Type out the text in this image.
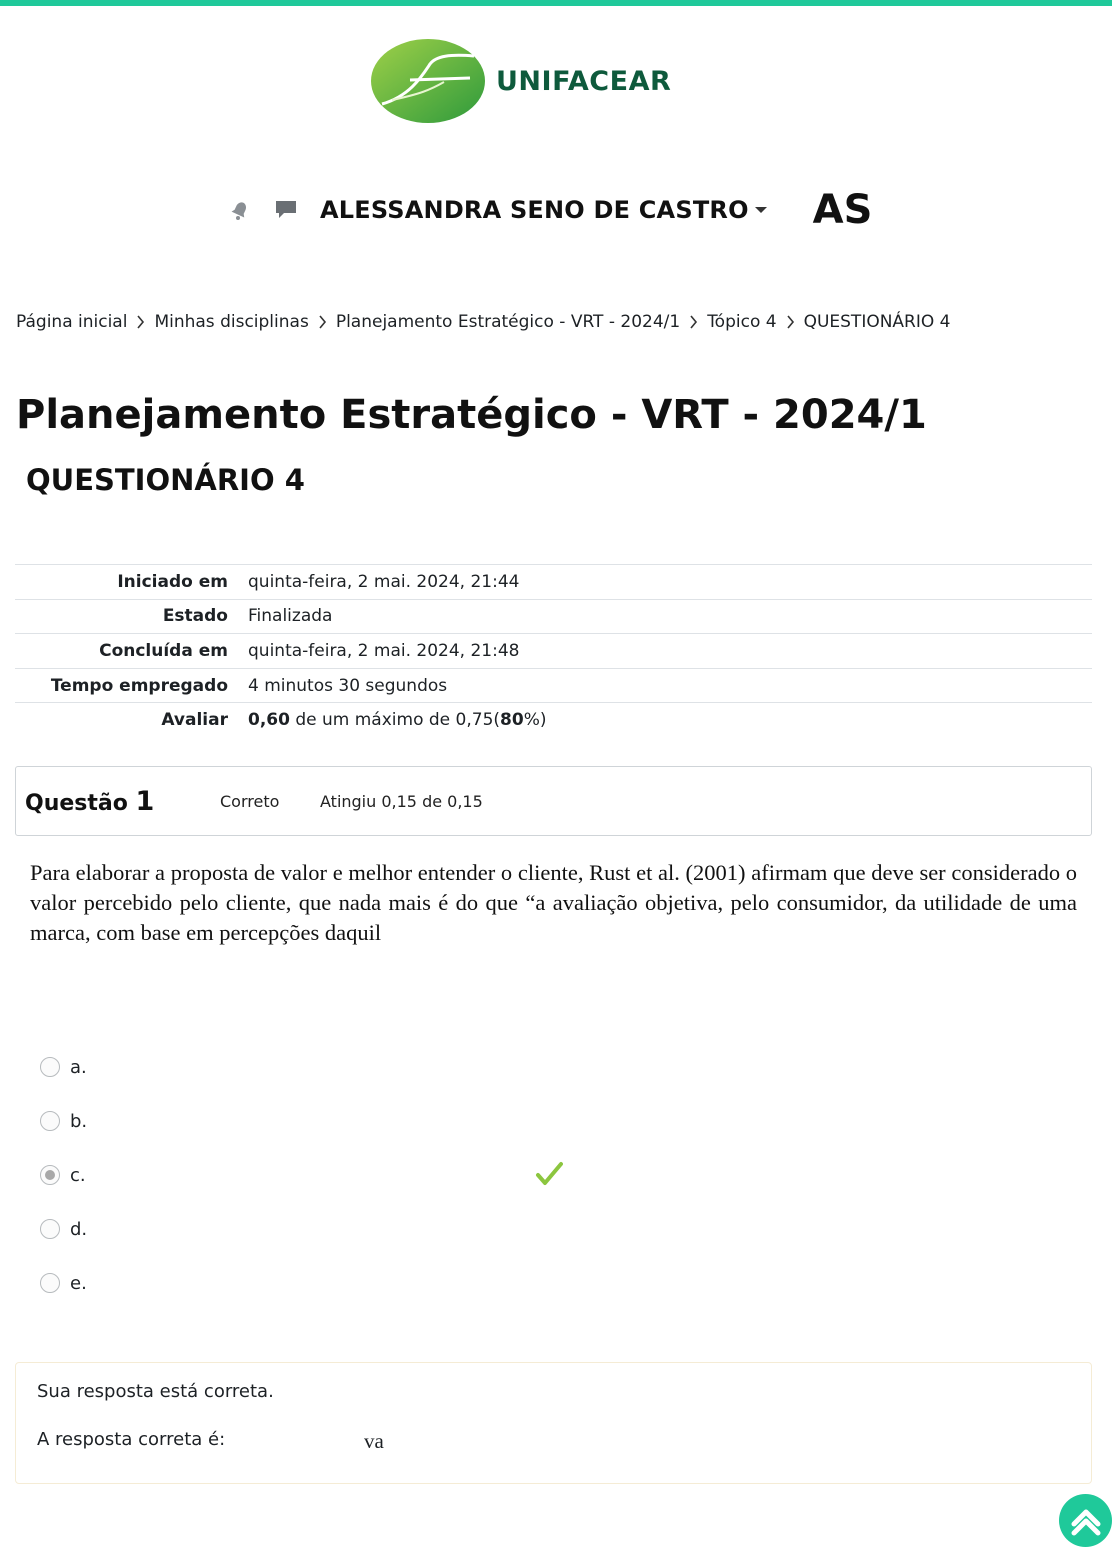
UNIFACEAR
ALESSANDRA SENO DE CASTRO AS
Página inicial Minhas disciplinas Planejamento Estratégico - VRT - 2024/1 Tópico 4 QUESTIONÁRIO 4
Planejamento Estratégico - VRT - 2024/1 QUESTIONÁRIO 4
Iniciado em	quinta-feira, 2 mai. 2024, 21:44
Estado	Finalizada
Concluída em	quinta-feira, 2 mai. 2024, 21:48
Tempo empregado	4 minutos 30 segundos
Avaliar	0,60 de um máximo de 0,75(80%)
Questão 1	Correto	Atingiu 0,15 de 0,15
Para elaborar a proposta de valor e melhor entender o cliente, Rust et al. (2001) afirmam que deve ser considerado o valor percebido pelo cliente, que nada mais é do que “a avaliação objetiva, pelo consumidor, da utilidade de uma marca, com base em percepções daquil
a.
b.
c.
d.
e.
Sua resposta está correta.
A resposta correta é:	va
